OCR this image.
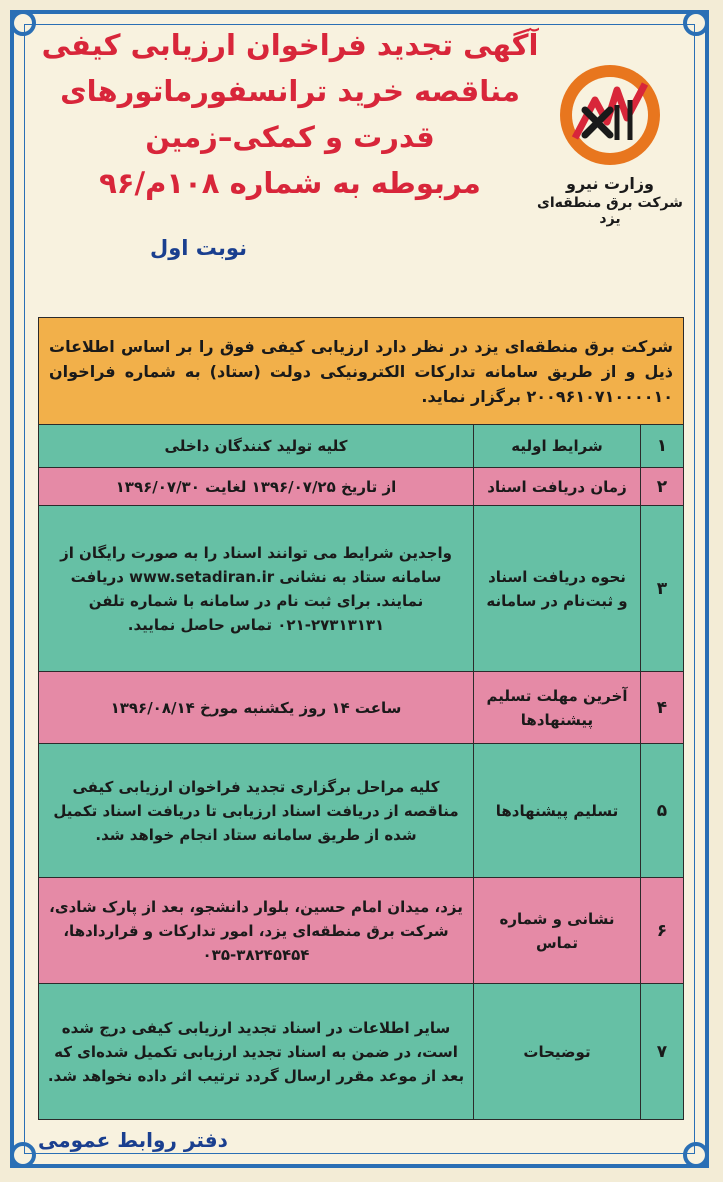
آگهی تجدید فراخوان ارزیابی کیفی
مناقصه خرید ترانسفورماتورهای
قدرت و کمکی–زمین
مربوطه به شماره ۱۰۸م/۹۶
نوبت اول
وزارت نیرو
شرکت برق منطقه‌ای یزد
شرکت برق منطقه‌ای یزد در نظر دارد ارزیابی کیفی فوق را بر اساس اطلاعات ذیل و از طریق سامانه تدارکات الکترونیکی دولت (ستاد) به شماره فراخوان ۲۰۰۹۶۱۰۷۱۰۰۰۰۱۰ برگزار نماید.		
۱	شرایط اولیه	کلیه تولید کنندگان داخلی
۲	زمان دریافت اسناد	از تاریخ ۱۳۹۶/۰۷/۲۵ لغایت ۱۳۹۶/۰۷/۳۰
۳	نحوه دریافت اسناد و ثبت‌نام در سامانه	واجدین شرایط می توانند اسناد را به صورت رایگان از سامانه ستاد به نشانی www.setadiran.ir دریافت نمایند. برای ثبت نام در سامانه با شماره تلفن ۲۷۳۱۳۱۳۱-۰۲۱ تماس حاصل نمایید.
۴	آخرین مهلت تسلیم پیشنهادها	ساعت ۱۴ روز یکشنبه مورخ ۱۳۹۶/۰۸/۱۴
۵	تسلیم پیشنهادها	کلیه مراحل برگزاری تجدید فراخوان ارزیابی کیفی مناقصه از دریافت اسناد ارزیابی تا دریافت اسناد تکمیل شده از طریق سامانه ستاد انجام خواهد شد.
۶	نشانی و شماره تماس	یزد، میدان امام حسین، بلوار دانشجو، بعد از پارک شادی، شرکت برق منطقه‌ای یزد، امور تدارکات و قراردادها، ۳۸۲۴۵۴۵۴-۰۳۵
۷	توضیحات	سایر اطلاعات در اسناد تجدید ارزیابی کیفی درج شده است، در ضمن به اسناد تجدید ارزیابی تکمیل شده‌ای که بعد از موعد مقرر ارسال گردد ترتیب اثر داده نخواهد شد.
دفتر روابط عمومی
